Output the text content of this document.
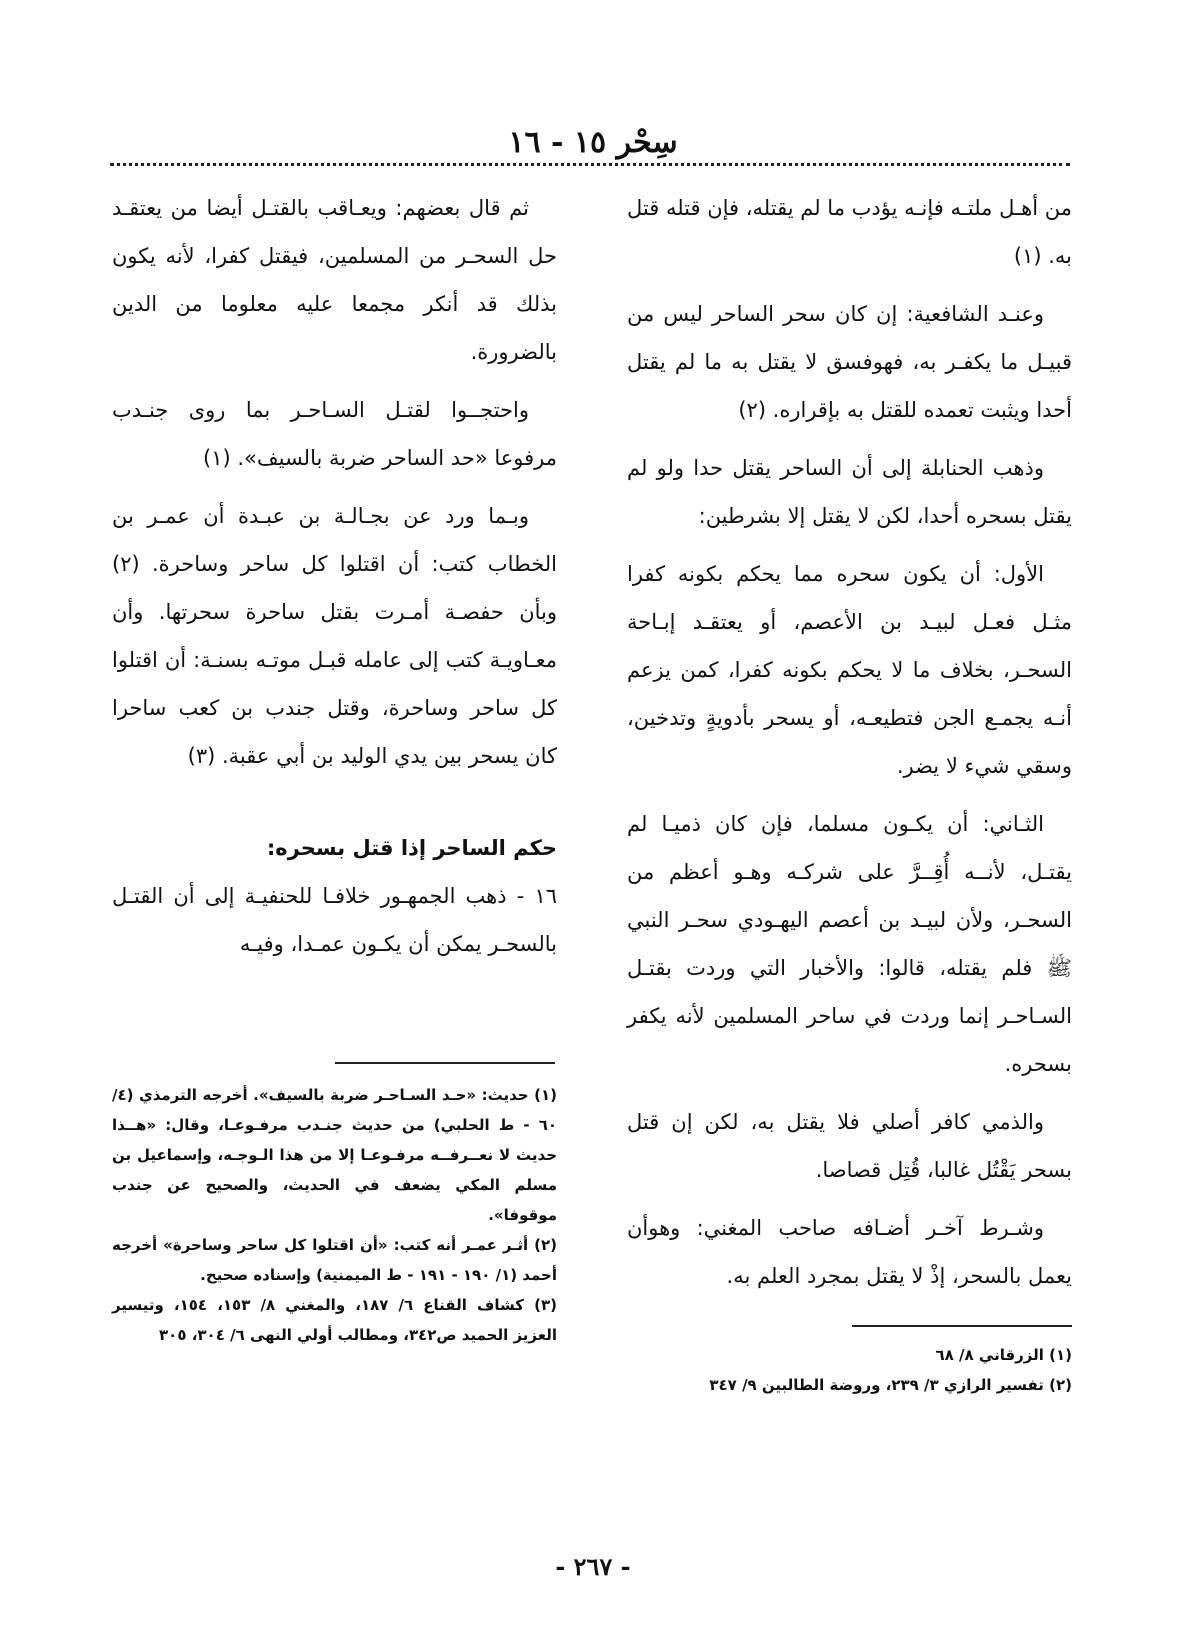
سِحْر ١٥ - ١٦

من أهـل ملتـه فإنـه يؤدب ما لم يقتله، فإن قتله قتل به. (١)

وعنـد الشافعية: إن كان سحر الساحر ليس من قبيـل ما يكفـر به، فهوفسق لا يقتل به ما لم يقتل أحدا ويثبت تعمده للقتل به بإقراره. (٢)

وذهب الحنابلة إلى أن الساحر يقتل حدا ولو لم يقتل بسحره أحدا، لكن لا يقتل إلا بشرطين:

الأول: أن يكون سحره مما يحكم بكونه كفرا مثـل فعـل لبيـد بن الأعصم، أو يعتقـد إبـاحة السحـر، بخلاف ما لا يحكم بكونه كفرا، كمن يزعم أنـه يجمـع الجن فتطيعـه، أو يسحر بأدويةٍ وتدخين، وسقي شيء لا يضر.

الثـاني: أن يكـون مسلما، فإن كان ذميـا لم يقتـل، لأنــه أُقِــرَّ على شركـه وهـو أعظم من السحـر، ولأن لبيـد بن أعصم اليهـودي سحـر النبي ﷺ فلم يقتله، قالوا: والأخبار التي وردت بقتـل السـاحـر إنما وردت في ساحر المسلمين لأنه يكفر بسحره.

والذمي كافر أصلي فلا يقتل به، لكن إن قتل بسحر يَقْتُل غالبا، قُتِل قصاصا.

وشـرط آخـر أضـافه صاحب المغني: وهوأن يعمل بالسحر، إذْ لا يقتل بمجرد العلم به.

ثم قال بعضهم: ويعـاقب بالقتـل أيضا من يعتقـد حل السحـر من المسلمين، فيقتل كفرا، لأنه يكون بذلك قد أنكر مجمعا عليه معلوما من الدين بالضرورة.

واحتجــوا لقتـل السـاحـر بما روى جنـدب مرفوعا «حد الساحر ضربة بالسيف». (١)

وبـما ورد عن بجـالـة بن عبـدة أن عمـر بن الخطاب كتب: أن اقتلوا كل ساحر وساحرة. (٢) وبأن حفصـة أمـرت بقتل ساحرة سحرتها. وأن معـاويـة كتب إلى عامله قبـل موتـه بسنـة: أن اقتلوا كل ساحر وساحرة، وقتل جندب بن كعب ساحرا كان يسحر بين يدي الوليد بن أبي عقبة. (٣)

حكم الساحر إذا قتل بسحره:

١٦ - ذهب الجمهـور خلافـا للحنفيـة إلى أن القتـل بالسحـر يمكن أن يكـون عمـدا، وفيـه

(١) حديث: «حـد السـاحـر ضربة بالسيف». أخرجه الترمذي (٤/ ٦٠ - ط الحلبي) من حديث جنـدب مرفـوعـا، وقال: «هــذا حديث لا نعــرفــه مرفـوعـا إلا من هذا الـوجـه، وإسماعيل بن مسلم المكي يضعف في الحديث، والصحيح عن جندب موقوفا».

(٢) أثـر عمـر أنه كتب: «أن اقتلوا كل ساحر وساحرة» أخرجه أحمد (١/ ١٩٠ - ١٩١ - ط الميمنية) وإسناده صحيح.

(٣) كشاف القناع ٦/ ١٨٧، والمغني ٨/ ١٥٣، ١٥٤، وتيسير العزيز الحميد ص٣٤٢، ومطالب أولي النهى ٦/ ٣٠٤، ٣٠٥

(١) الزرقاني ٨/ ٦٨

(٢) تفسير الرازي ٣/ ٢٣٩، وروضة الطالبين ٩/ ٣٤٧

- ٢٦٧ -
